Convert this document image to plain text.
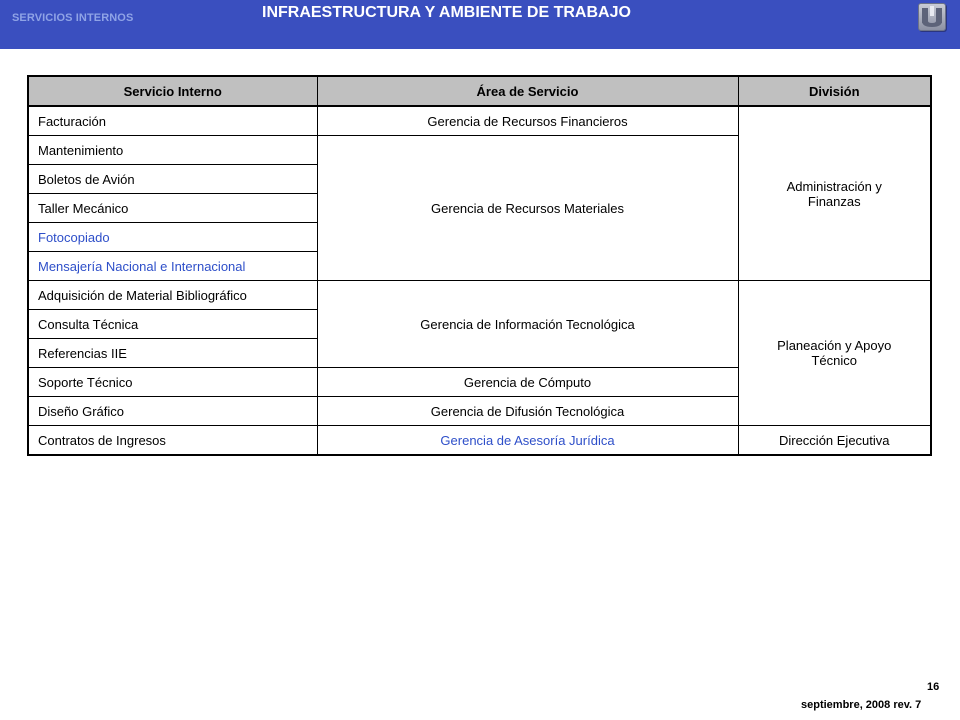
SERVICIOS INTERNOS	INFRAESTRUCTURA Y AMBIENTE DE TRABAJO
Servicio Interno	Área de Servicio	División
Facturación	Gerencia de Recursos Financieros	Administración y Finanzas
Mantenimiento	Gerencia de Recursos Materiales	
Boletos de Avión		
Taller Mecánico		
Fotocopiado		
Mensajería Nacional e Internacional		
Adquisición de Material Bibliográfico	Gerencia de Información Tecnológica	Planeación y Apoyo Técnico
Consulta Técnica		
Referencias IIE		
Soporte Técnico	Gerencia de Cómputo	
Diseño Gráfico	Gerencia de Difusión Tecnológica	
Contratos de Ingresos	Gerencia de Asesoría Jurídica	Dirección Ejecutiva
16
septiembre, 2008 rev. 7
